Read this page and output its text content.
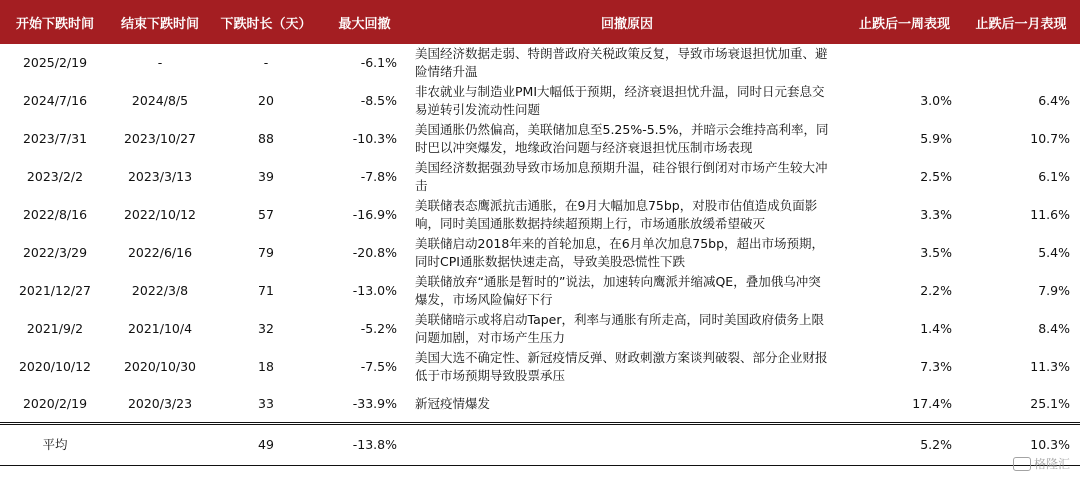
开始下跌时间	结束下跌时间	下跌时长（天）	最大回撤	回撤原因	止跌后一周表现	止跌后一月表现
2025/2/19	-	-	-6.1%	美国经济数据走弱、特朗普政府关税政策反复，导致市场衰退担忧加重、避险情绪升温		
2024/7/16	2024/8/5	20	-8.5%	非农就业与制造业PMI大幅低于预期，经济衰退担忧升温，同时日元套息交易逆转引发流动性问题	3.0%	6.4%
2023/7/31	2023/10/27	88	-10.3%	美国通胀仍然偏高，美联储加息至5.25%-5.5%，并暗示会维持高利率，同时巴以冲突爆发，地缘政治问题与经济衰退担忧压制市场表现	5.9%	10.7%
2023/2/2	2023/3/13	39	-7.8%	美国经济数据强劲导致市场加息预期升温，硅谷银行倒闭对市场产生较大冲击	2.5%	6.1%
2022/8/16	2022/10/12	57	-16.9%	美联储表态鹰派抗击通胀，在9月大幅加息75bp，对股市估值造成负面影响，同时美国通胀数据持续超预期上行，市场通胀放缓希望破灭	3.3%	11.6%
2022/3/29	2022/6/16	79	-20.8%	美联储启动2018年来的首轮加息，在6月单次加息75bp，超出市场预期，同时CPI通胀数据快速走高，导致美股恐慌性下跌	3.5%	5.4%
2021/12/27	2022/3/8	71	-13.0%	美联储放弃“通胀是暂时的”说法，加速转向鹰派并缩减QE，叠加俄乌冲突爆发，市场风险偏好下行	2.2%	7.9%
2021/9/2	2021/10/4	32	-5.2%	美联储暗示或将启动Taper，利率与通胀有所走高，同时美国政府债务上限问题加剧，对市场产生压力	1.4%	8.4%
2020/10/12	2020/10/30	18	-7.5%	美国大选不确定性、新冠疫情反弹、财政刺激方案谈判破裂、部分企业财报低于市场预期导致股票承压	7.3%	11.3%
2020/2/19	2020/3/23	33	-33.9%	新冠疫情爆发	17.4%	25.1%
平均		49	-13.8%		5.2%	10.3%
格隆汇
